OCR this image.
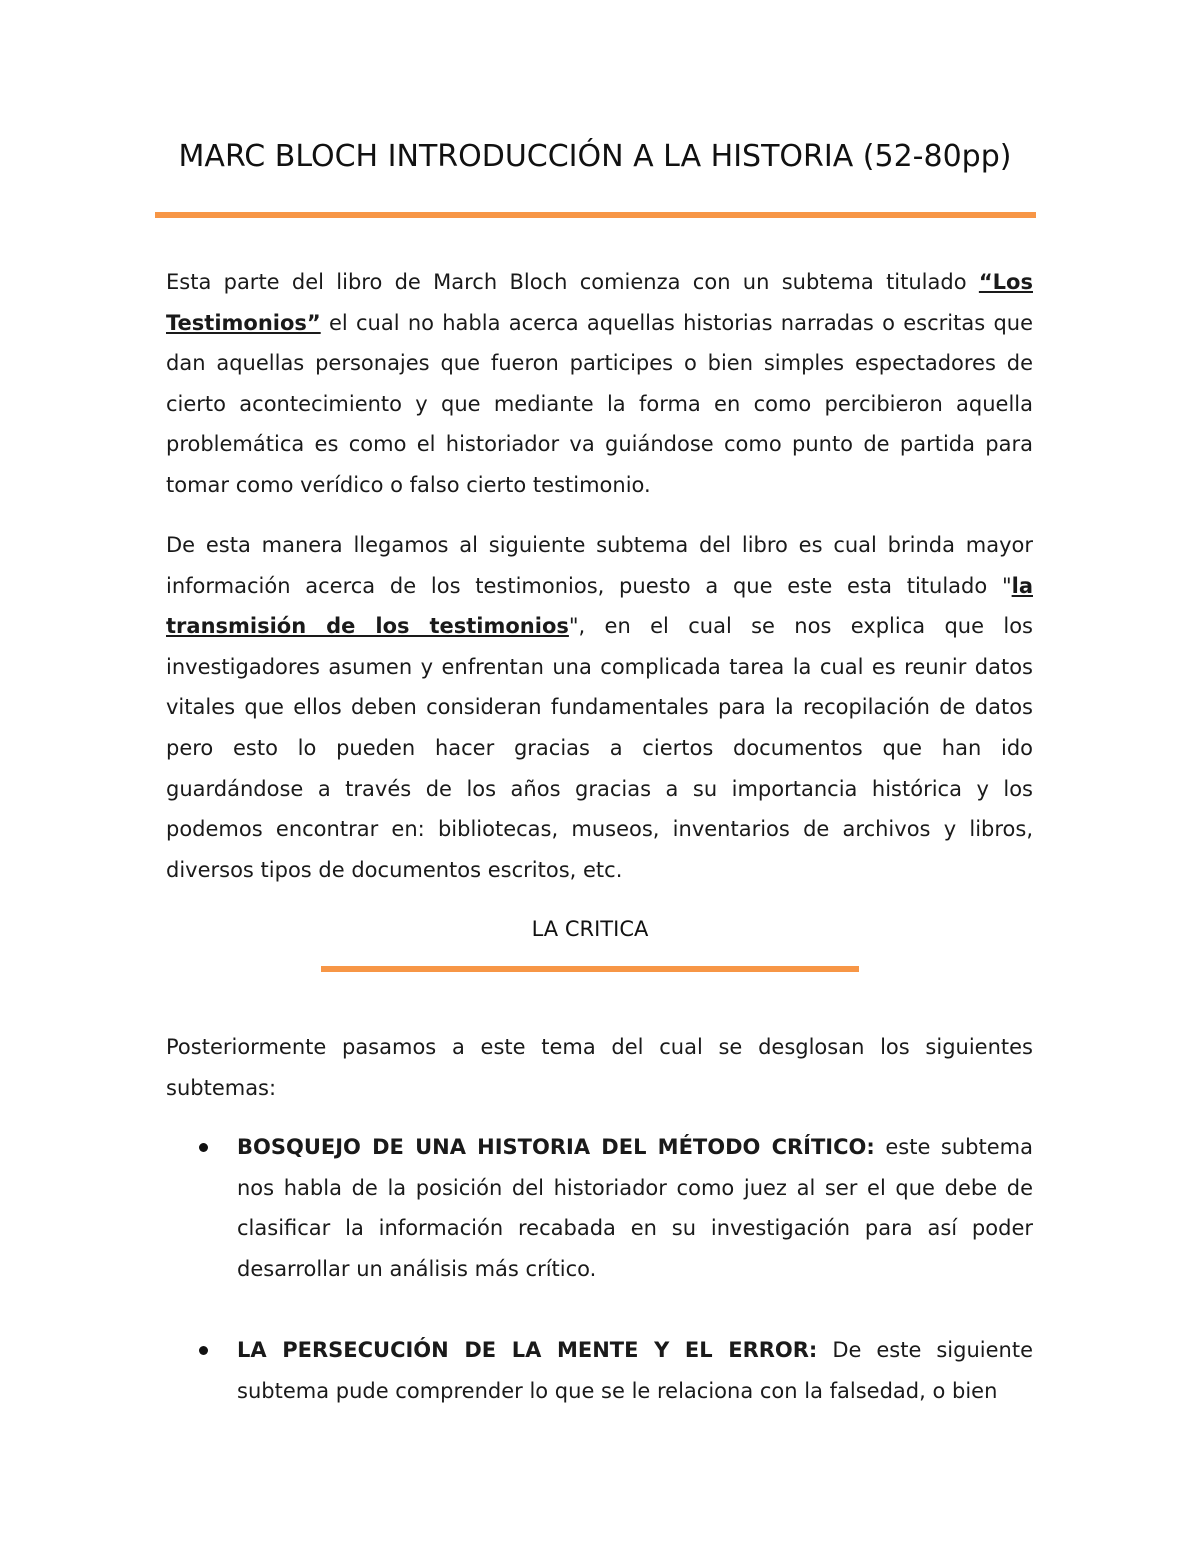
MARC BLOCH INTRODUCCIÓN A LA HISTORIA (52-80pp)

Esta parte del libro de March Bloch comienza con un subtema titulado “Los Testimonios” el cual no habla acerca aquellas historias narradas o escritas que dan aquellas personajes que fueron participes o bien simples espectadores de cierto acontecimiento y que mediante la forma en como percibieron aquella problemática es como el historiador va guiándose como punto de partida para tomar como verídico o falso cierto testimonio.

De esta manera llegamos al siguiente subtema del libro es cual brinda mayor información acerca de los testimonios, puesto a que este esta titulado "la transmisión de los testimonios", en el cual se nos explica que los investigadores asumen y enfrentan una complicada tarea la cual es reunir datos vitales que ellos deben consideran fundamentales para la recopilación de datos pero esto lo pueden hacer gracias a ciertos documentos que han ido guardándose a través de los años gracias a su importancia histórica y los podemos encontrar en: bibliotecas, museos, inventarios de archivos y libros, diversos tipos de documentos escritos, etc.

LA CRITICA

Posteriormente pasamos a este tema del cual se desglosan los siguientes subtemas:

BOSQUEJO DE UNA HISTORIA DEL MÉTODO CRÍTICO: este subtema nos habla de la posición del historiador como juez al ser el que debe de clasificar la información recabada en su investigación para así poder desarrollar un análisis más crítico.
LA PERSECUCIÓN DE LA MENTE Y EL ERROR: De este siguiente subtema pude comprender lo que se le relaciona con la falsedad, o bien
